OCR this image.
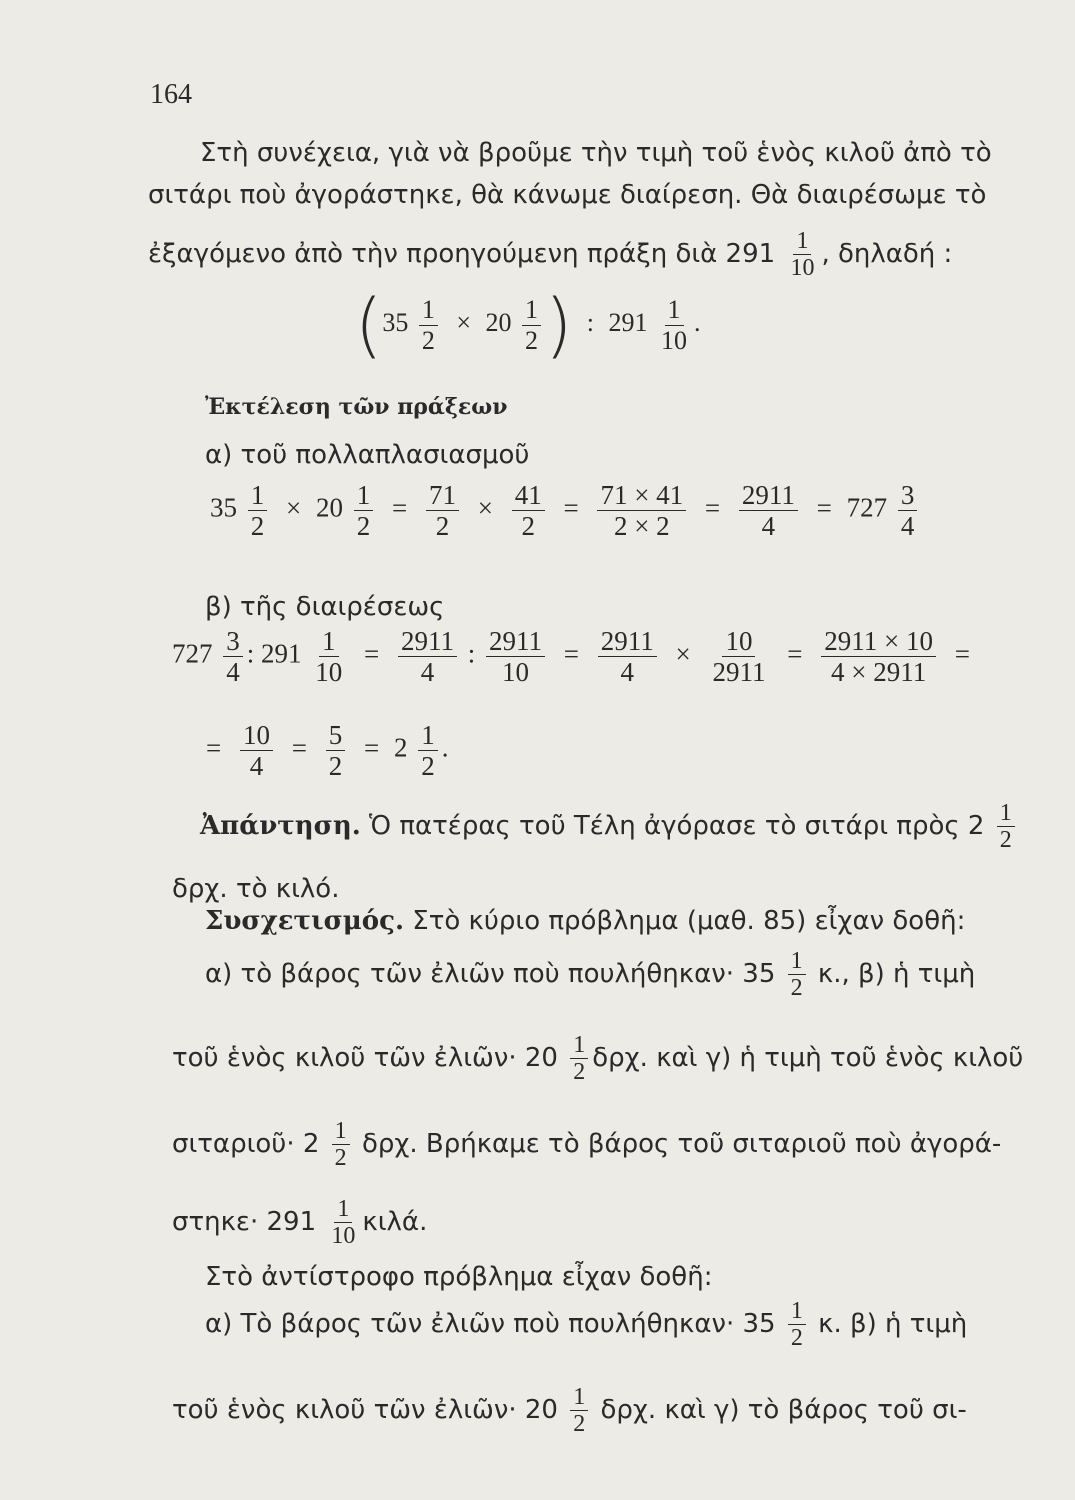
164
Στὴ συνέχεια, γιὰ νὰ βροῦμε τὴν τιμὴ τοῦ ἑνὸς κιλοῦ ἀπὸ τὸ
σιτάρι ποὺ ἀγοράστηκε, θὰ κάνωμε διαίρεση. Θὰ διαιρέσωμε τὸ
ἐξαγόμενο ἀπὸ τὴν προηγούμενη πράξη διὰ $291 \frac{1}{10}$ , δηλαδή :
($35 \frac{1}{2} \times 20 \frac{1}{2}$ ) : $291 \frac{1}{10}$ .
Ἐκτέλεση τῶν πράξεων
α) τοῦ πολλαπλασιασμοῦ
$35 \frac{1}{2} \times 20 \frac{1}{2} = \frac{71}{2} \times \frac{41}{2} = \frac{71 \times 41}{2 \times 2} = \frac{2911}{4} = 727 \frac{3}{4}$
β) τῆς διαιρέσεως
$727 \frac{3}{4}$ : $291 \frac{1}{10} = \frac{2911}{4}$ : $\frac{2911}{10} = \frac{2911}{4} \times \frac{10}{2911} = \frac{2911 \times 10}{4 \times 2911}$ =
= $\frac{10}{4} = \frac{5}{2} = 2 \frac{1}{2}$ .
Ἀπάντηση. Ὁ πατέρας τοῦ Τέλη ἀγόρασε τὸ σιτάρι πρὸς $2 \frac{1}{2}$
δρχ. τὸ κιλό.
Συσχετισμός. Στὸ κύριο πρόβλημα (μαθ. 85) εἶχαν δοθῆ:
α) τὸ βάρος τῶν ἐλιῶν ποὺ $\pi o\upsilon\lambda ή\theta\eta\kappa\alpha\nu\cdot 35 \frac{1}{2} \kappa$., β) ἡ τιμὴ
τοῦ ἑνὸς κιλοῦ τῶν ἐλιῶν· $20 \frac{1}{2} \delta\rho\chi$. καὶ γ) ἡ τιμὴ τοῦ ἑνὸς κιλοῦ
σιταριοῦ· $2 \frac{1}{2} \delta\rho\chi$. Βρήκαμε τὸ βάρος τοῦ σιταριοῦ ποὺ ἀγορά-
$\sigma\tau\eta\kappa\varepsilon\cdot 291 \frac{1}{10} \kappa\iota\lambda ά$.
Στὸ ἀντίστροφο πρόβλημα εἶχαν δοθῆ:
α) Τὸ βάρος τῶν ἐλιῶν ποὺ $\pi o\upsilon\lambda ή\theta\eta\kappa\alpha\nu\cdot 35 \frac{1}{2} \kappa$. β) ἡ τιμὴ
τοῦ ἑνὸς κιλοῦ τῶν ἐλιῶν· $20 \frac{1}{2} \delta\rho\chi$. καὶ γ) τὸ βάρος τοῦ σι-
